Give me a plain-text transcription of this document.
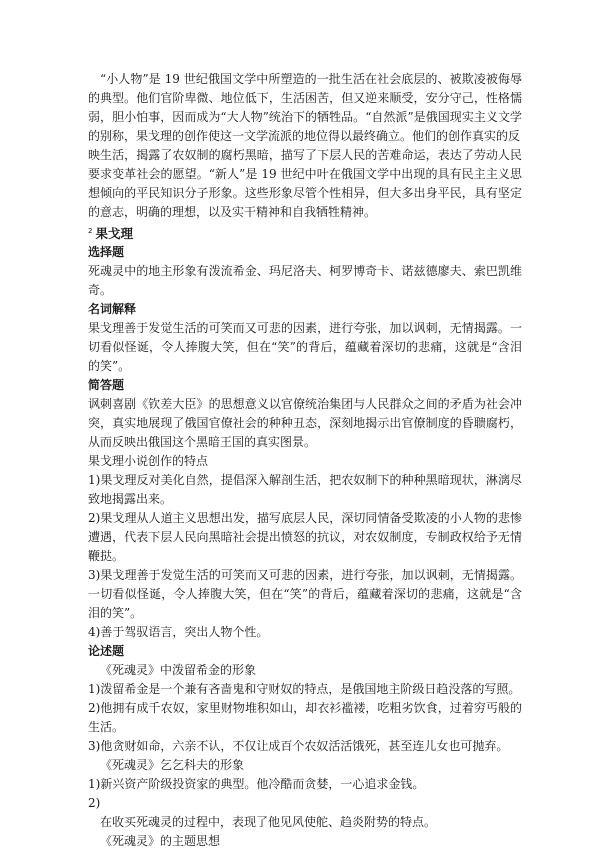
“小人物”是 19 世纪俄国文学中所塑造的一批生活在社会底层的、被欺凌被侮辱的典型。他们官阶卑微、地位低下，生活困苦，但又逆来顺受，安分守己，性格懦弱，胆小怕事，因而成为“大人物”统治下的牺牲品。“自然派”是俄国现实主义文学的别称，果戈理的创作使这一文学流派的地位得以最终确立。他们的创作真实的反

映生活，揭露了农奴制的腐朽黑暗，描写了下层人民的苦难命运，表达了劳动人民要求变革社会的愿望。“新人”是 19 世纪中叶在俄国文学中出现的具有民主主义思想倾向的平民知识分子形象。这些形象尽管个性相异，但大多出身平民，具有坚定的意志，明确的理想，以及实干精神和自我牺牲精神。

$^2$ 果戈理
选择题

死魂灵中的地主形象有泼流希金、玛尼洛夫、柯罗博奇卡、诺兹德廖夫、索巴凯维奇。

名词解释

果戈理善于发觉生活的可笑而又可悲的因素，进行夸张，加以讽刺，无情揭露。一切看似怪诞，令人捧腹大笑，但在“笑”的背后，蕴藏着深切的悲痛，这就是“含泪的笑”。

简答题

讽刺喜剧《钦差大臣》的思想意义以官僚统治集团与人民群众之间的矛盾为社会冲突，真实地展现了俄国官僚社会的种种丑态，深刻地揭示出官僚制度的昏聩腐朽，从而反映出俄国这个黑暗王国的真实图景。

果戈理小说创作的特点

1)果戈理反对美化自然，提倡深入解剖生活，把农奴制下的种种黑暗现状，淋漓尽致地揭露出来。

2)果戈理从人道主义思想出发，描写底层人民，深切同情备受欺凌的小人物的悲惨遭遇，代表下层人民向黑暗社会提出愤怒的抗议，对农奴制度，专制政权给予无情鞭挞。

3)果戈理善于发觉生活的可笑而又可悲的因素，进行夸张，加以讽刺，无情揭露。一切看似怪诞，令人捧腹大笑，但在“笑”的背后，蕴藏着深切的悲痛，这就是“含泪的笑”。

4)善于驾驭语言，突出人物个性。

论述题

《死魂灵》中泼留希金的形象

1)泼留希金是一个兼有吝啬鬼和守财奴的特点，是俄国地主阶级日趋没落的写照。

2)他拥有成千农奴，家里财物堆积如山，却衣衫褴褛，吃粗劣饮食，过着穷丐般的生活。

3)他贪财如命，六亲不认，不仅让成百个农奴活活饿死，甚至连儿女也可抛弃。

《死魂灵》乞乞科夫的形象

1)新兴资产阶级投资家的典型。他冷酷而贪婪，一心追求金钱。

2)

在收买死魂灵的过程中，表现了他见风使舵、趋炎附势的特点。

《死魂灵》的主题思想
